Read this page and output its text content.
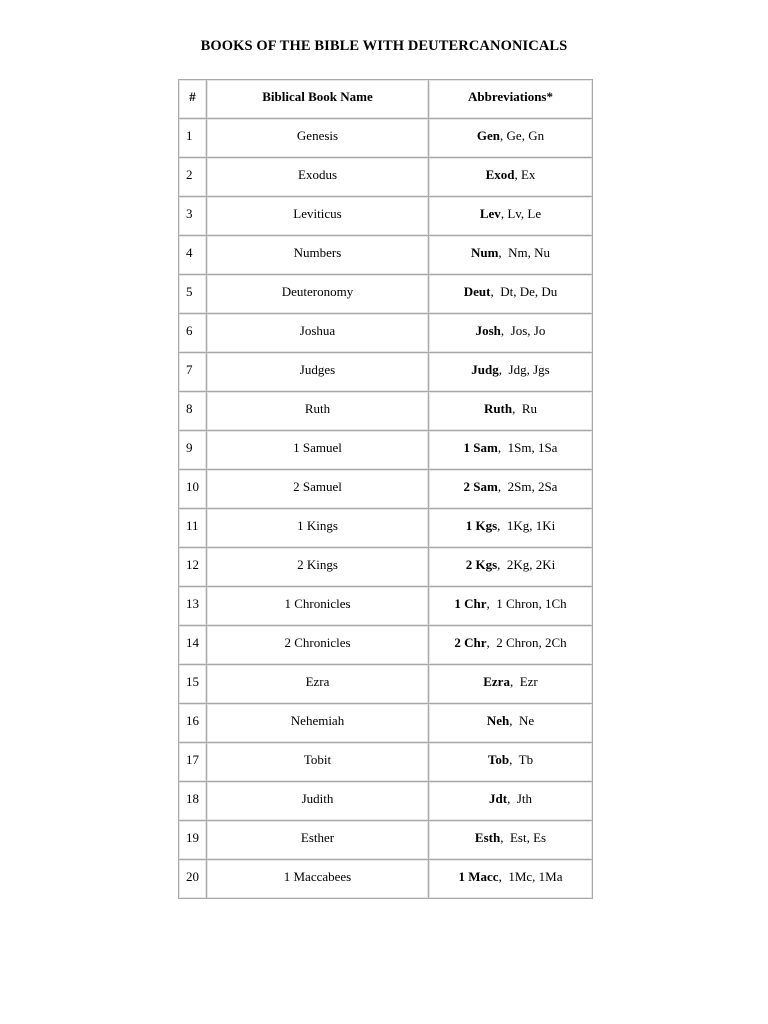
BOOKS OF THE BIBLE WITH DEUTERCANONICALS
#	Biblical Book Name	Abbreviations*
1	Genesis	Gen, Ge, Gn
2	Exodus	Exod, Ex
3	Leviticus	Lev, Lv, Le
4	Numbers	Num,  Nm, Nu
5	Deuteronomy	Deut,  Dt, De, Du
6	Joshua	Josh,  Jos, Jo
7	Judges	Judg,  Jdg, Jgs
8	Ruth	Ruth,  Ru
9	1 Samuel	1 Sam,  1Sm, 1Sa
10	2 Samuel	2 Sam,  2Sm, 2Sa
11	1 Kings	1 Kgs,  1Kg, 1Ki
12	2 Kings	2 Kgs,  2Kg, 2Ki
13	1 Chronicles	1 Chr,  1 Chron, 1Ch
14	2 Chronicles	2 Chr,  2 Chron, 2Ch
15	Ezra	Ezra,  Ezr
16	Nehemiah	Neh,  Ne
17	Tobit	Tob,  Tb
18	Judith	Jdt,  Jth
19	Esther	Esth,  Est, Es
20	1 Maccabees	1 Macc,  1Mc, 1Ma
